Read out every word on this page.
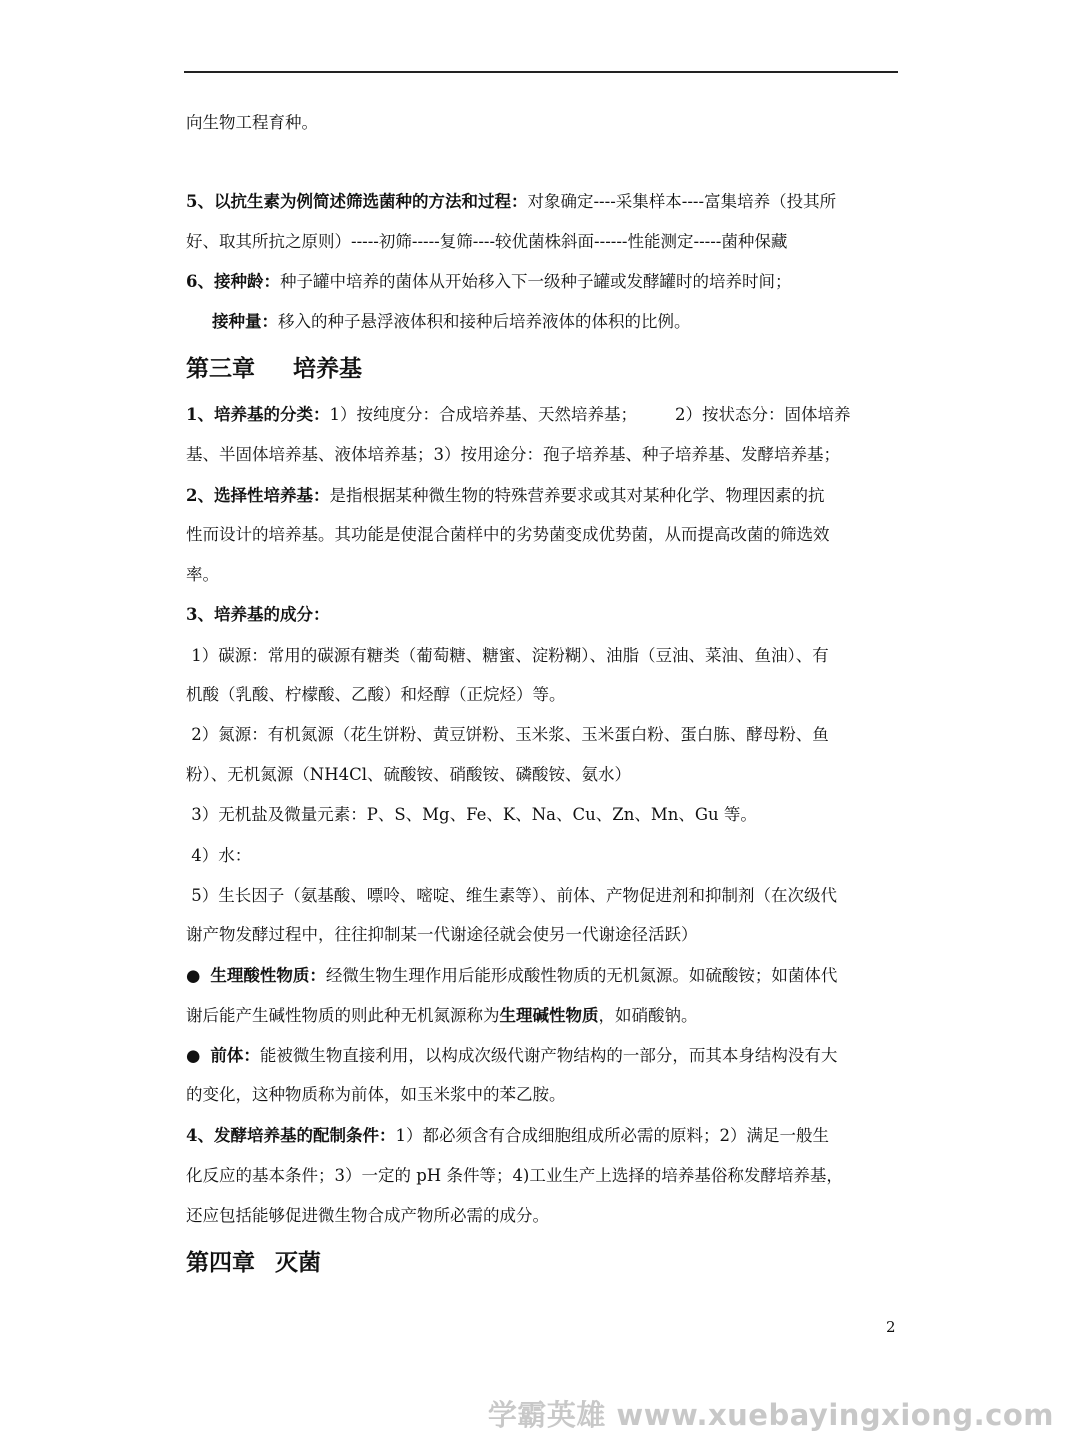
向生物工程育种。
5、以抗生素为例简述筛选菌种的方法和过程：对象确定----采集样本----富集培养（投其所
好、取其所抗之原则）-----初筛-----复筛----较优菌株斜面------性能测定-----菌种保藏
6、接种龄：种子罐中培养的菌体从开始移入下一级种子罐或发酵罐时的培养时间；
接种量：移入的种子悬浮液体积和接种后培养液体的体积的比例。
第三章 培养基
1、培养基的分类：1）按纯度分：合成培养基、天然培养基； 2）按状态分：固体培养
基、半固体培养基、液体培养基；3）按用途分：孢子培养基、种子培养基、发酵培养基；
2、选择性培养基：是指根据某种微生物的特殊营养要求或其对某种化学、物理因素的抗
性而设计的培养基。其功能是使混合菌样中的劣势菌变成优势菌，从而提高改菌的筛选效
率。
3、培养基的成分：
1）碳源：常用的碳源有糖类（葡萄糖、糖蜜、淀粉糊）、油脂（豆油、菜油、鱼油）、有
机酸（乳酸、柠檬酸、乙酸）和烃醇（正烷烃）等。
2）氮源：有机氮源（花生饼粉、黄豆饼粉、玉米浆、玉米蛋白粉、蛋白胨、酵母粉、鱼
粉）、无机氮源（NH4Cl、硫酸铵、硝酸铵、磷酸铵、氨水）
3）无机盐及微量元素：P、S、Mg、Fe、K、Na、Cu、Zn、Mn、Gu 等。
4）水：
5）生长因子（氨基酸、嘌呤、嘧啶、维生素等）、前体、产物促进剂和抑制剂（在次级代
谢产物发酵过程中，往往抑制某一代谢途径就会使另一代谢途径活跃）
● 生理酸性物质：经微生物生理作用后能形成酸性物质的无机氮源。如硫酸铵；如菌体代
谢后能产生碱性物质的则此种无机氮源称为生理碱性物质，如硝酸钠。
● 前体：能被微生物直接利用，以构成次级代谢产物结构的一部分，而其本身结构没有大
的变化，这种物质称为前体，如玉米浆中的苯乙胺。
4、发酵培养基的配制条件：1）都必须含有合成细胞组成所必需的原料；2）满足一般生
化反应的基本条件；3）一定的 pH 条件等；4)工业生产上选择的培养基俗称发酵培养基，
还应包括能够促进微生物合成产物所必需的成分。
第四章 灭菌
2
学霸英雄 www.xuebayingxiong.com
